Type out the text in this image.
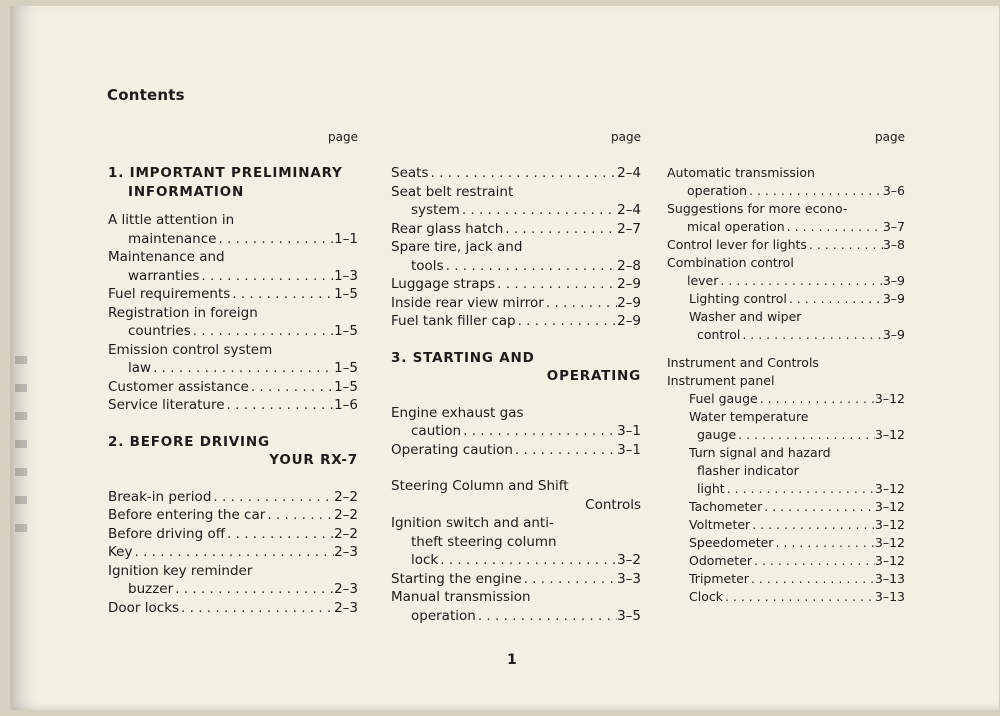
Contents
page
1. IMPORTANT PRELIMINARY
INFORMATION
A little attention in
maintenance . . .	1–1
Maintenance and
warranties . . .	1–3
Fuel requirements . . .	1–5
Registration in foreign
countries . . .	1–5
Emission control system
law . . .	1–5
Customer assistance . . .	1–5
Service literature . . .	1–6
2. BEFORE DRIVING
YOUR RX-7
Break-in period . . .	2–2
Before entering the car . . .	2–2
Before driving off . . .	2–2
Key . . .	2–3
Ignition key reminder
buzzer . . .	2–3
Door locks . . .	2–3
page
Seats . . .	2–4
Seat belt restraint
system . . .	2–4
Rear glass hatch . . .	2–7
Spare tire, jack and
tools . . .	2–8
Luggage straps . . .	2–9
Inside rear view mirror . . .	2–9
Fuel tank filler cap . . .	2–9
3. STARTING AND
OPERATING
Engine exhaust gas
caution . . .	3–1
Operating caution . . .	3–1
Steering Column and Shift
Controls
Ignition switch and anti-
theft steering column
lock . . .	3–2
Starting the engine . . .	3–3
Manual transmission
operation . . .	3–5
page
Automatic transmission
operation . . .	3–6
Suggestions for more econo-
mical operation . . .	3–7
Control lever for lights . . .	3–8
Combination control
lever . . .	3–9
Lighting control . . .	3–9
Washer and wiper
control . . .	3–9
Instrument and Controls
Instrument panel
Fuel gauge . . .	3–12
Water temperature
gauge . . .	3–12
Turn signal and hazard
flasher indicator
light . . .	3–12
Tachometer . . .	3–12
Voltmeter . . .	3–12
Speedometer . . .	3–12
Odometer . . .	3–12
Tripmeter . . .	3–13
Clock . . .	3–13
1
